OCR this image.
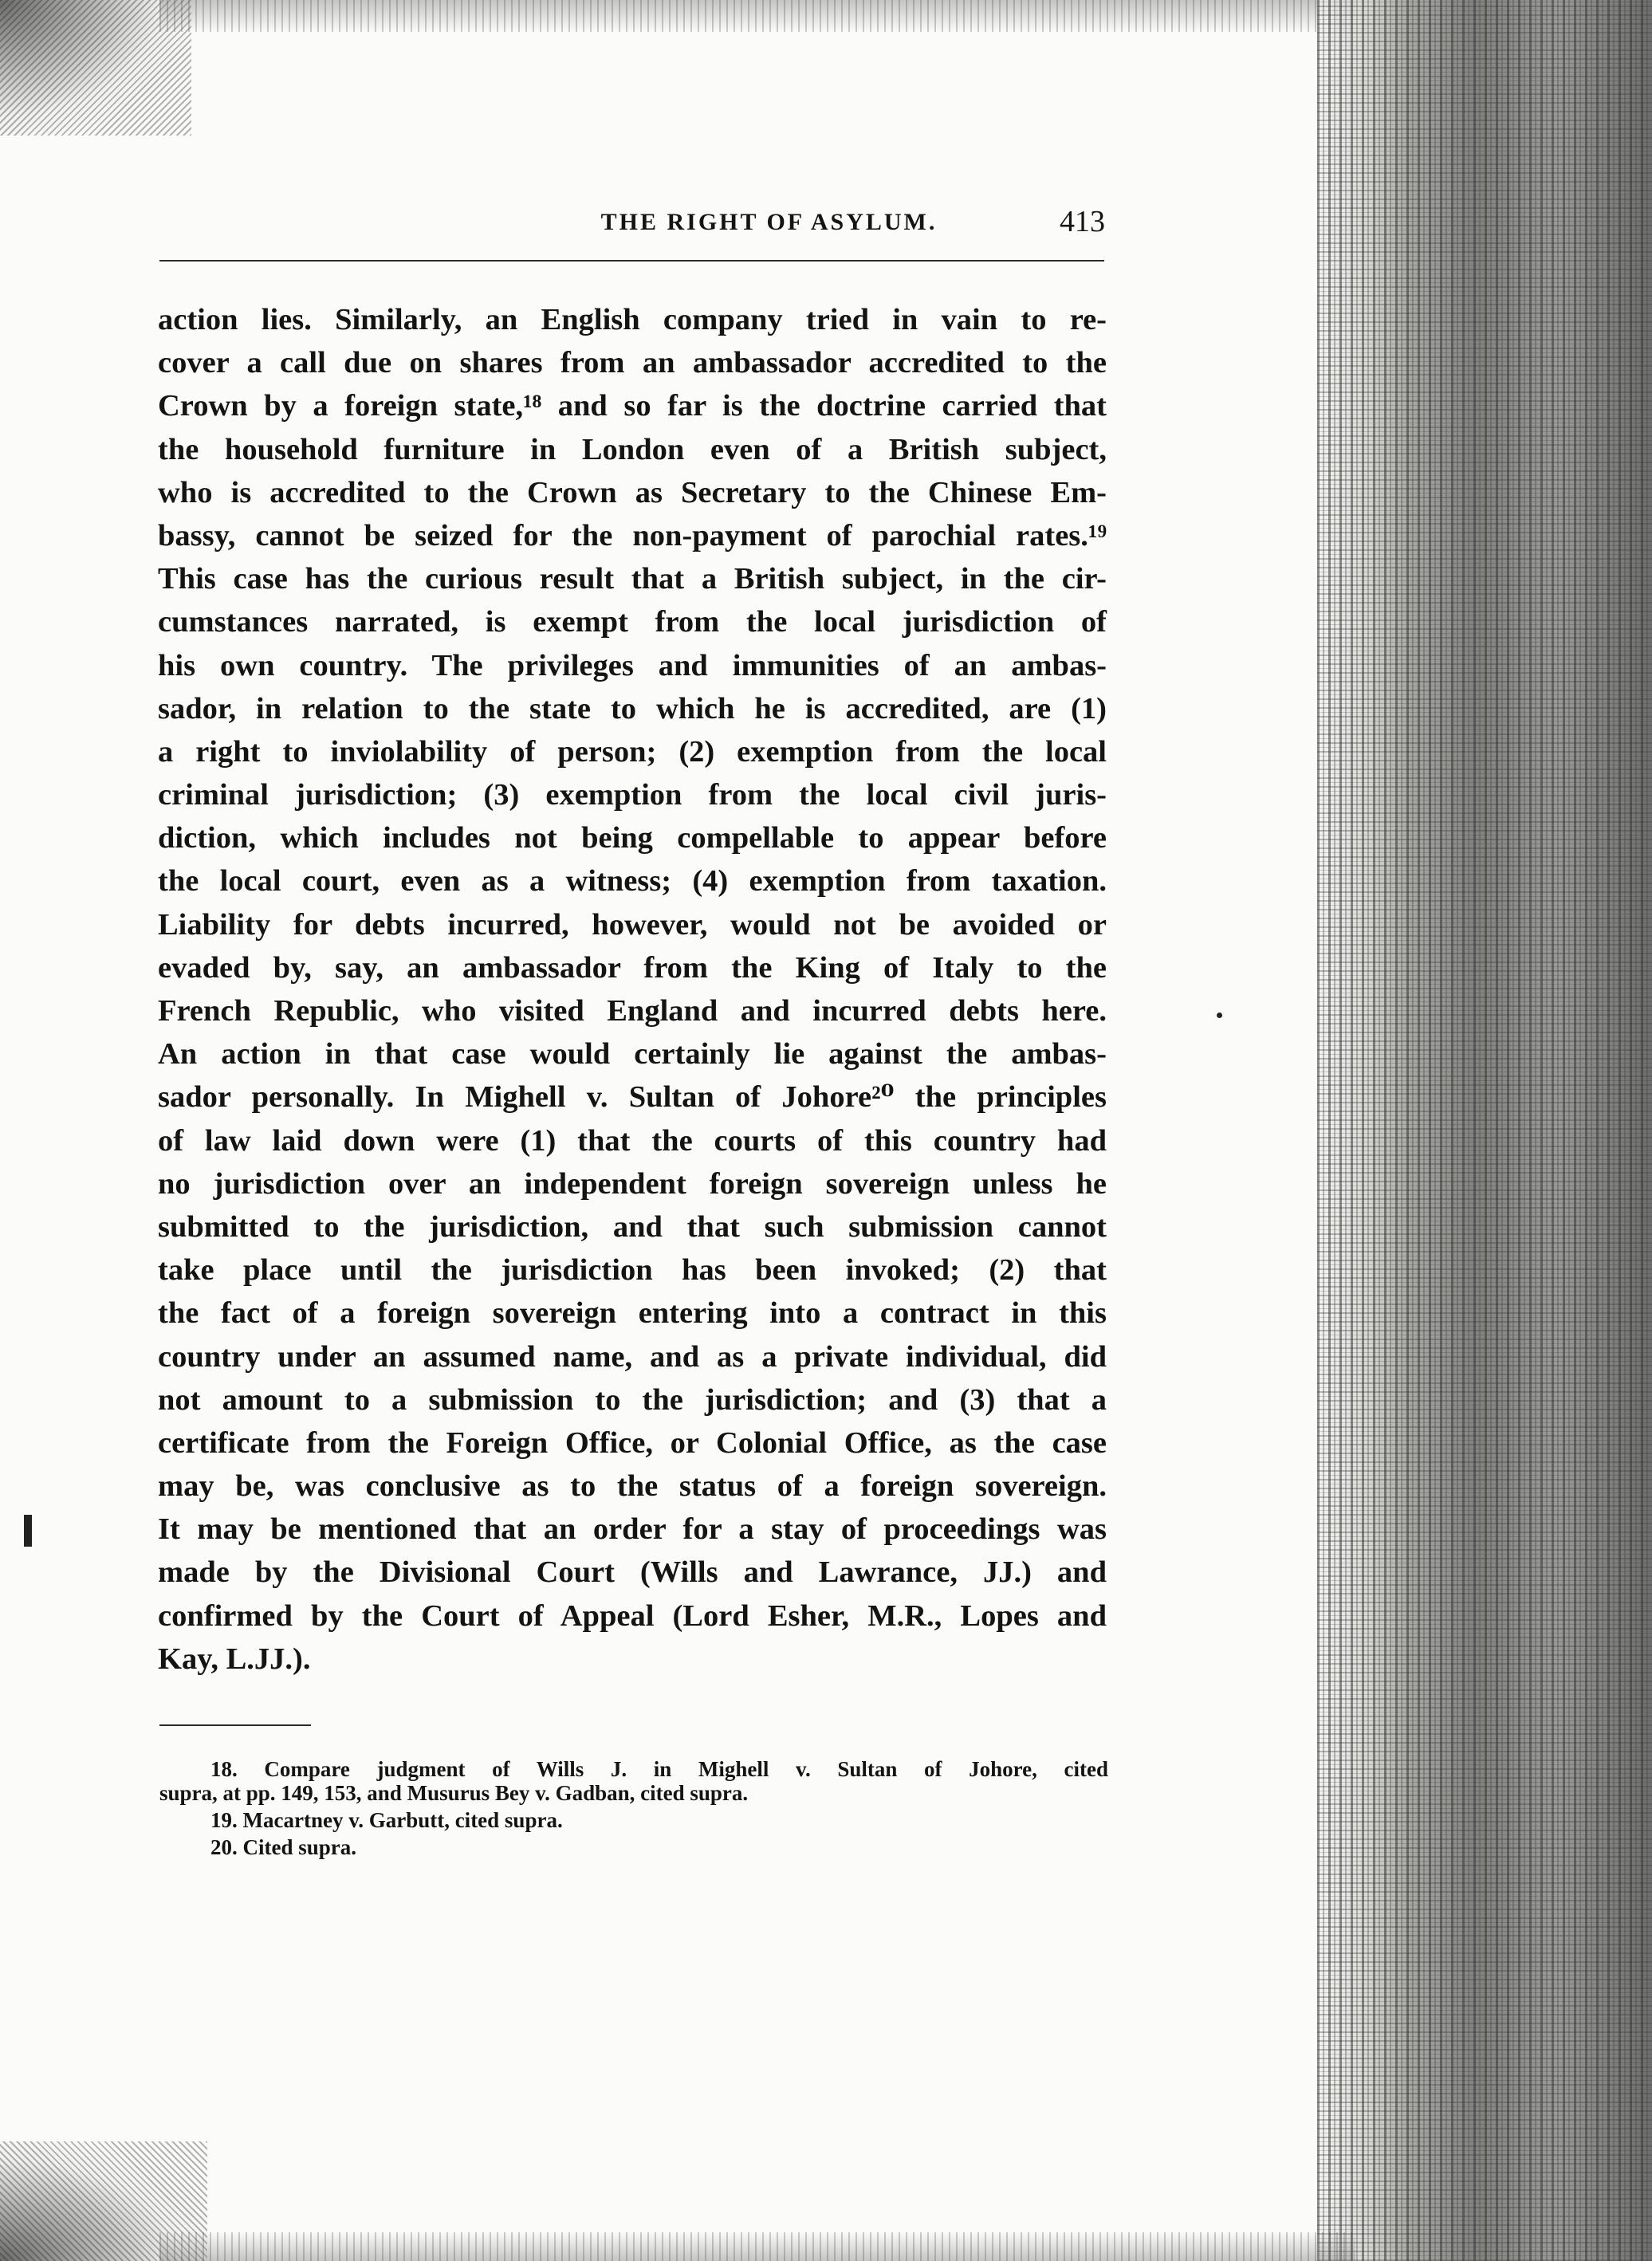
THE RIGHT OF ASYLUM.	413
action lies. Similarly, an English company tried in vain to re-
cover a call due on shares from an ambassador accredited to the
Crown by a foreign state,¹⁸ and so far is the doctrine carried that
the household furniture in London even of a British subject,
who is accredited to the Crown as Secretary to the Chinese Em-
bassy, cannot be seized for the non-payment of parochial rates.¹⁹
This case has the curious result that a British subject, in the cir-
cumstances narrated, is exempt from the local jurisdiction of
his own country. The privileges and immunities of an ambas-
sador, in relation to the state to which he is accredited, are (1)
a right to inviolability of person; (2) exemption from the local
criminal jurisdiction; (3) exemption from the local civil juris-
diction, which includes not being compellable to appear before
the local court, even as a witness; (4) exemption from taxation.
Liability for debts incurred, however, would not be avoided or
evaded by, say, an ambassador from the King of Italy to the
French Republic, who visited England and incurred debts here.
An action in that case would certainly lie against the ambas-
sador personally. In Mighell v. Sultan of Johore²⁰ the principles
of law laid down were (1) that the courts of this country had
no jurisdiction over an independent foreign sovereign unless he
submitted to the jurisdiction, and that such submission cannot
take place until the jurisdiction has been invoked; (2) that
the fact of a foreign sovereign entering into a contract in this
country under an assumed name, and as a private individual, did
not amount to a submission to the jurisdiction; and (3) that a
certificate from the Foreign Office, or Colonial Office, as the case
may be, was conclusive as to the status of a foreign sovereign.
It may be mentioned that an order for a stay of proceedings was
made by the Divisional Court (Wills and Lawrance, JJ.) and
confirmed by the Court of Appeal (Lord Esher, M.R., Lopes and
Kay, L.JJ.).
18. Compare judgment of Wills J. in Mighell v. Sultan of Johore, cited
supra, at pp. 149, 153, and Musurus Bey v. Gadban, cited supra.
19. Macartney v. Garbutt, cited supra.
20. Cited supra.
